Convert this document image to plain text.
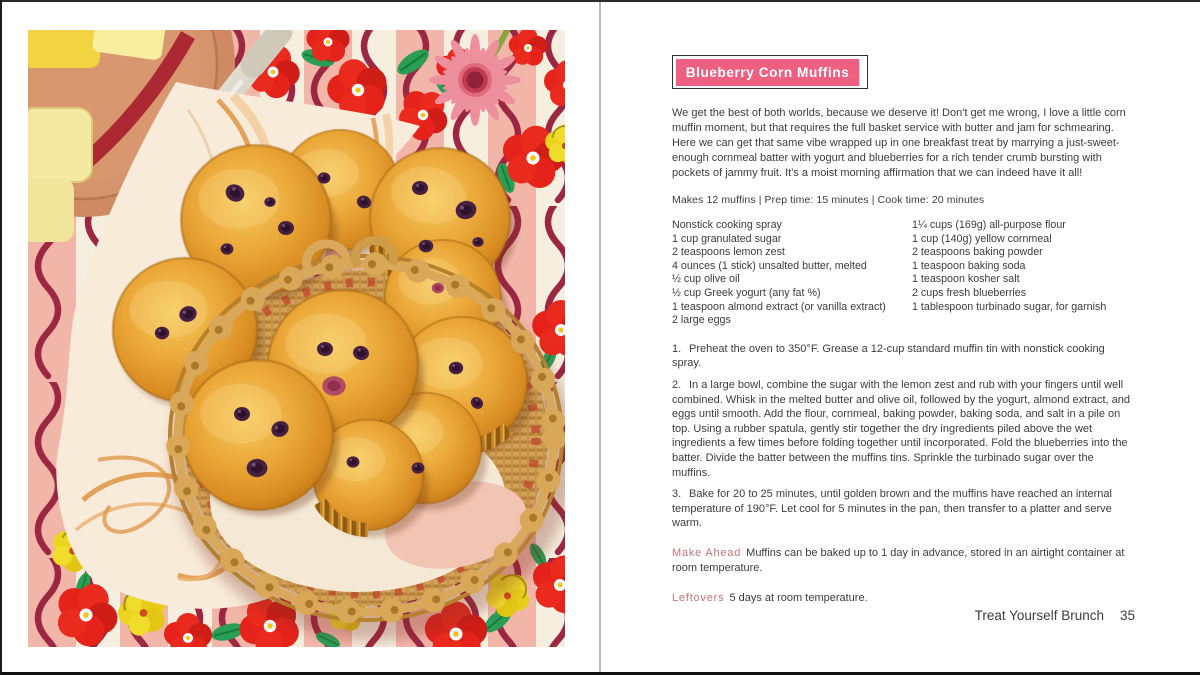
Blueberry Corn Muffins

We get the best of both worlds, because we deserve it! Don't get me wrong, I love a little corn muffin moment, but that requires the full basket service with butter and jam for schmearing. Here we can get that same vibe wrapped up in one breakfast treat by marrying a just-sweet-enough cornmeal batter with yogurt and blueberries for a rich tender crumb bursting with pockets of jammy fruit. It's a moist morning affirmation that we can indeed have it all!

Makes 12 muffins | Prep time: 15 minutes | Cook time: 20 minutes
Nonstick cooking spray
1 cup granulated sugar
2 teaspoons lemon zest
4 ounces (1 stick) unsalted butter, melted
½ cup olive oil
½ cup Greek yogurt (any fat %)
1 teaspoon almond extract (or vanilla extract)
2 large eggs
1¼ cups (169g) all-purpose flour
1 cup (140g) yellow cornmeal
2 teaspoons baking powder
1 teaspoon baking soda
1 teaspoon kosher salt
2 cups fresh blueberries
1 tablespoon turbinado sugar, for garnish

1. Preheat the oven to 350°F. Grease a 12-cup standard muffin tin with nonstick cooking spray.

2. In a large bowl, combine the sugar with the lemon zest and rub with your fingers until well combined. Whisk in the melted butter and olive oil, followed by the yogurt, almond extract, and eggs until smooth. Add the flour, cornmeal, baking powder, baking soda, and salt in a pile on top. Using a rubber spatula, gently stir together the dry ingredients piled above the wet ingredients a few times before folding together until incorporated. Fold the blueberries into the batter. Divide the batter between the muffins tins. Sprinkle the turbinado sugar over the muffins.

3. Bake for 20 to 25 minutes, until golden brown and the muffins have reached an internal temperature of 190°F. Let cool for 5 minutes in the pan, then transfer to a platter and serve warm.

Make Ahead Muffins can be baked up to 1 day in advance, stored in an airtight container at room temperature.

Leftovers 5 days at room temperature.

Treat Yourself Brunch 35
